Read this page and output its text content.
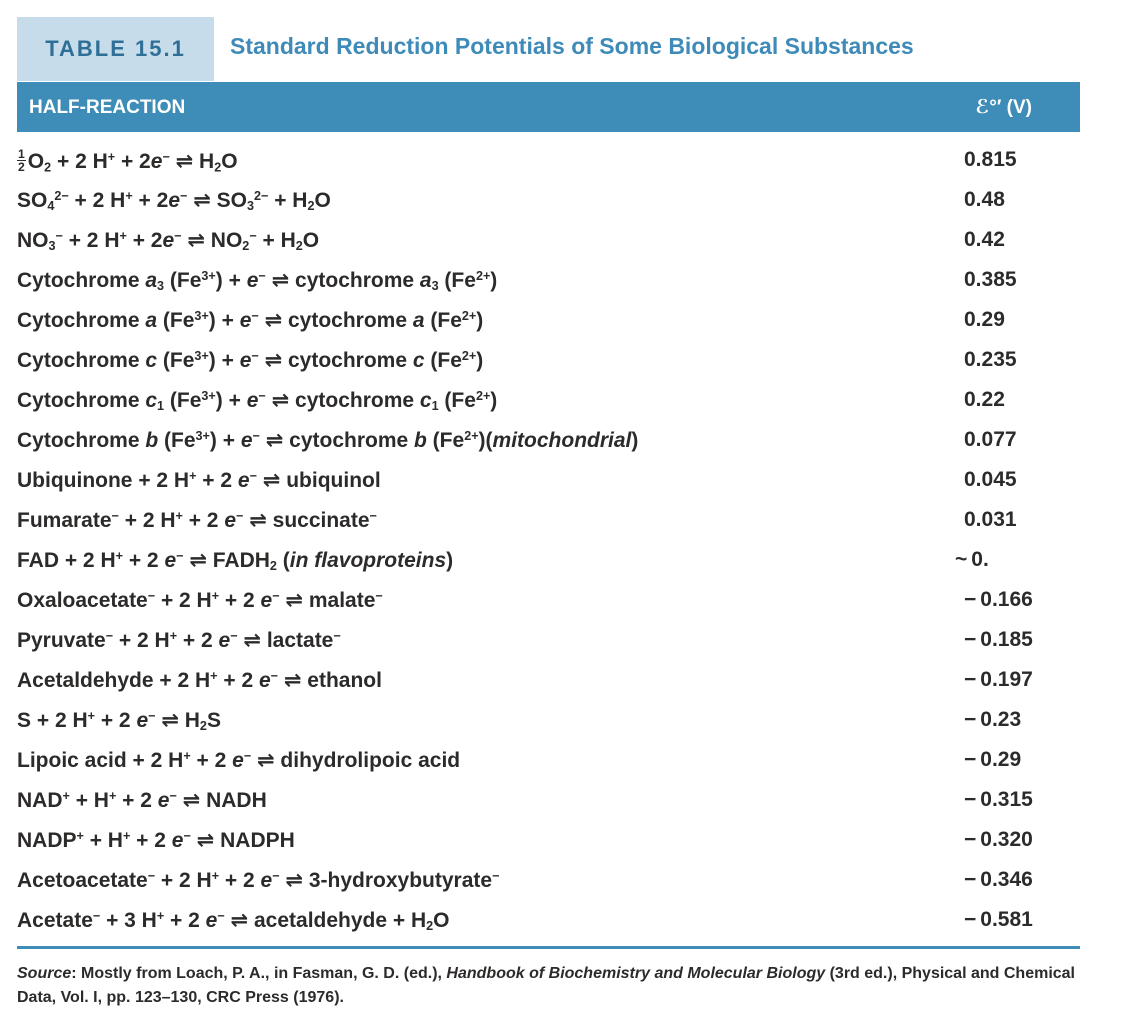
TABLE 15.1	Standard Reduction Potentials of Some Biological Substances
HALF-REACTION	ℰ°′ (V)
$\frac{1}{2} O_2 + 2$ H+ + 2e− ⇌ $H_2O$	0.815
$SO_4^{2-} + 2$ H+ + 2e− ⇌ $SO_3^{2-} + H_2O$	0.48
$NO_3^- + 2$ H+ + 2e− ⇌ $NO_2^- + H_2O$	0.42
Cytochrome $a_3$ $(Fe^{3+}) + e^-$ ⇌ cytochrome $a_3$ $(Fe^{2+})$	0.385
Cytochrome a $(Fe^{3+}) + e^-$ ⇌ cytochrome a $(Fe^{2+})$	0.29
Cytochrome c $(Fe^{3+}) + e^-$ ⇌ cytochrome c $(Fe^{2+})$	0.235
Cytochrome $c_1$ $(Fe^{3+}) + e^-$ ⇌ cytochrome $c_1$ $(Fe^{2+})$	0.22
Cytochrome b $(Fe^{3+}) + e^-$ ⇌ cytochrome b $(Fe^{2+})(mitochondrial)$	0.077
Ubiquinone + 2 H+ + 2 e− ⇌ ubiquinol	0.045
Fumarate− + 2 H+ + 2 e− ⇌ succinate−	0.031
FAD + 2 H+ + 2 e− ⇌ $FADH_2$ (in flavoproteins)	~ 0.
Oxaloacetate− + 2 H+ + 2 e− ⇌ malate−	− 0.166
Pyruvate− + 2 H+ + 2 e− ⇌ lactate−	− 0.185
Acetaldehyde + 2 H+ + 2 e− ⇌ ethanol	− 0.197
S + 2 H+ + 2 e− ⇌ $H_2S$	− 0.23
Lipoic acid + 2 H+ + 2 e− ⇌ dihydrolipoic acid	− 0.29
NAD+ + H+ + 2 e− ⇌ NADH	− 0.315
NADP+ + H+ + 2 e− ⇌ NADPH	− 0.320
Acetoacetate− + 2 H+ + 2 e− ⇌ 3-hydroxybutyrate−	− 0.346
Acetate− + 3 H+ + 2 e− ⇌ acetaldehyde + $H_2O$	− 0.581
Source: Mostly from Loach, P. A., in Fasman, G. D. (ed.), Handbook of Biochemistry and Molecular Biology (3rd ed.), Physical and Chemical Data, Vol. I, pp. 123–130, CRC Press (1976).
